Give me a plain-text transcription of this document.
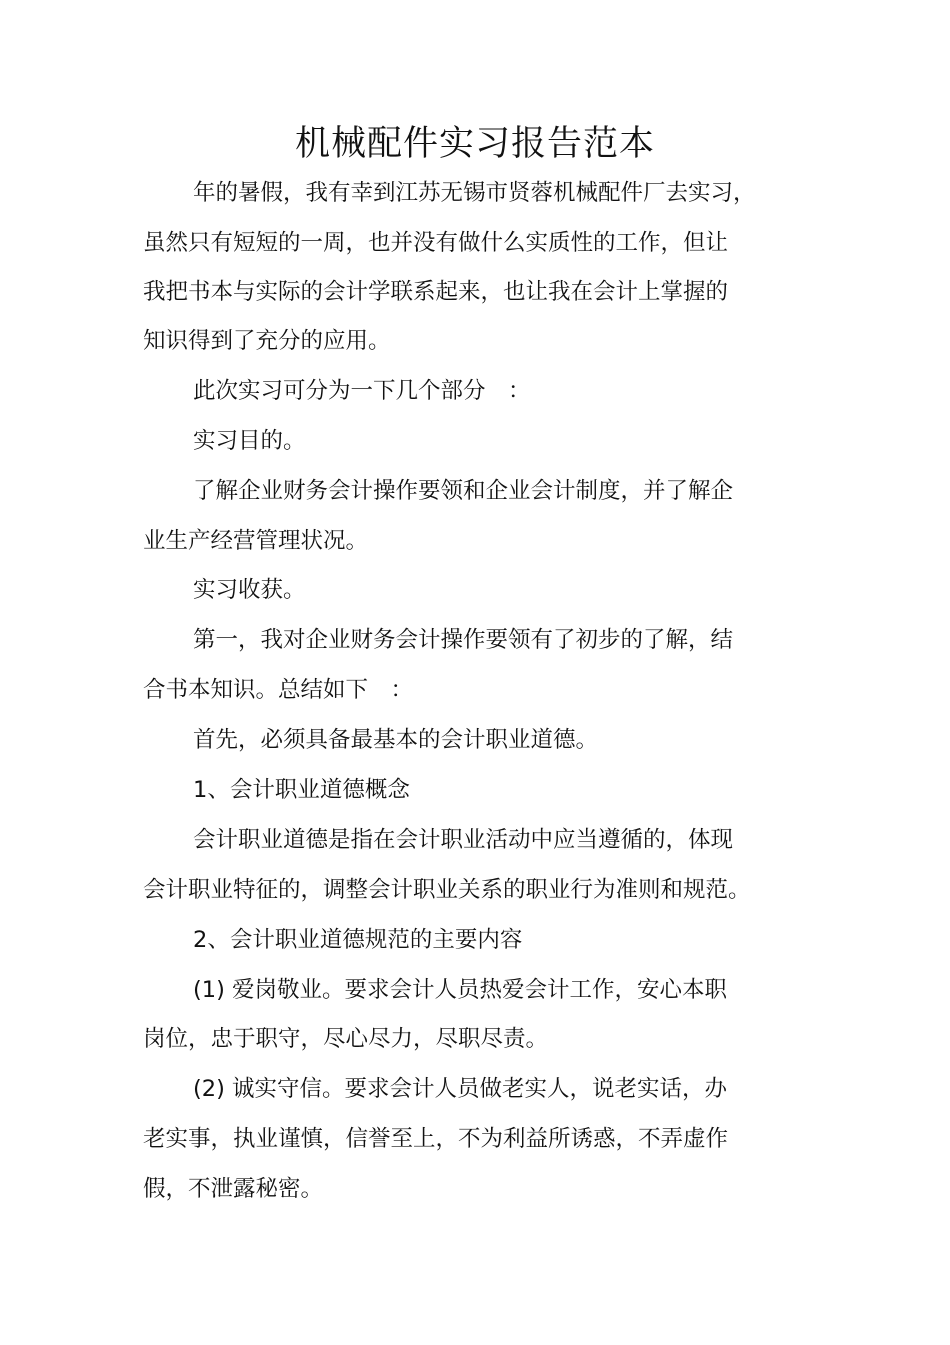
机械配件实习报告范本
年的暑假，我有幸到江苏无锡市贤蓉机械配件厂去实习，
虽然只有短短的一周，也并没有做什么实质性的工作，但让
我把书本与实际的会计学联系起来，也让我在会计上掌握的
知识得到了充分的应用。
此次实习可分为一下几个部分　：
实习目的。
了解企业财务会计操作要领和企业会计制度，并了解企
业生产经营管理状况。
实习收获。
第一，我对企业财务会计操作要领有了初步的了解，结
合书本知识。总结如下　：
首先，必须具备最基本的会计职业道德。
1、会计职业道德概念
会计职业道德是指在会计职业活动中应当遵循的，体现
会计职业特征的，调整会计职业关系的职业行为准则和规范。
2、会计职业道德规范的主要内容
(1) 爱岗敬业。要求会计人员热爱会计工作，安心本职
岗位，忠于职守，尽心尽力，尽职尽责。
(2) 诚实守信。要求会计人员做老实人，说老实话，办
老实事，执业谨慎，信誉至上，不为利益所诱惑，不弄虚作
假，不泄露秘密。
